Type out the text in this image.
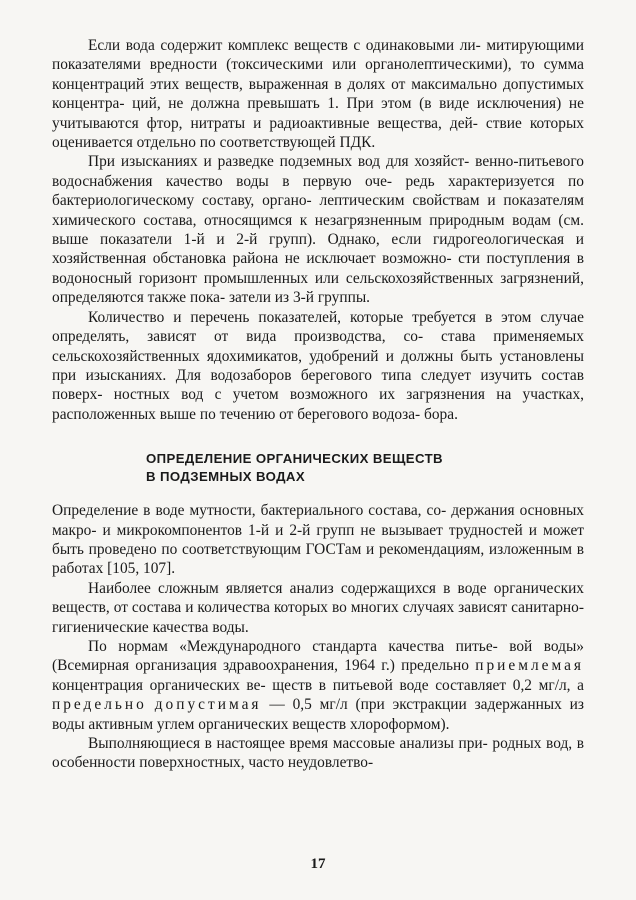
Если вода содержит комплекс веществ с одинаковыми ли- митирующими показателями вредности (токсическими или органолептическими), то сумма концентраций этих веществ, выраженная в долях от максимально допустимых концентра- ций, не должна превышать 1. При этом (в виде исключения) не учитываются фтор, нитраты и радиоактивные вещества, дей- ствие которых оценивается отдельно по соответствующей ПДК.

При изысканиях и разведке подземных вод для хозяйст- венно-питьевого водоснабжения качество воды в первую оче- редь характеризуется по бактериологическому составу, органо- лептическим свойствам и показателям химического состава, относящимся к незагрязненным природным водам (см. выше показатели 1-й и 2-й групп). Однако, если гидрогеологическая и хозяйственная обстановка района не исключает возможно- сти поступления в водоносный горизонт промышленных или сельскохозяйственных загрязнений, определяются также пока- затели из 3-й группы.

Количество и перечень показателей, которые требуется в этом случае определять, зависят от вида производства, со- става применяемых сельскохозяйственных ядохимикатов, удобрений и должны быть установлены при изысканиях. Для водозаборов берегового типа следует изучить состав поверх- ностных вод с учетом возможного их загрязнения на участках, расположенных выше по течению от берегового водоза- бора.

ОПРЕДЕЛЕНИЕ ОРГАНИЧЕСКИХ ВЕЩЕСТВ
В ПОДЗЕМНЫХ ВОДАХ

Определение в воде мутности, бактериального состава, со- держания основных макро- и микрокомпонентов 1-й и 2-й групп не вызывает трудностей и может быть проведено по соответствующим ГОСТам и рекомендациям, изложенным в работах [105, 107].

Наиболее сложным является анализ содержащихся в воде органических веществ, от состава и количества которых во многих случаях зависят санитарно-гигиенические качества воды.

По нормам «Международного стандарта качества питье- вой воды» (Всемирная организация здравоохранения, 1964 г.) предельно приемлемая концентрация органических ве- ществ в питьевой воде составляет 0,2 мг/л, а предельно допустимая — 0,5 мг/л (при экстракции задержанных из воды активным углем органических веществ хлороформом).

Выполняющиеся в настоящее время массовые анализы при- родных вод, в особенности поверхностных, часто неудовлетво-

17
